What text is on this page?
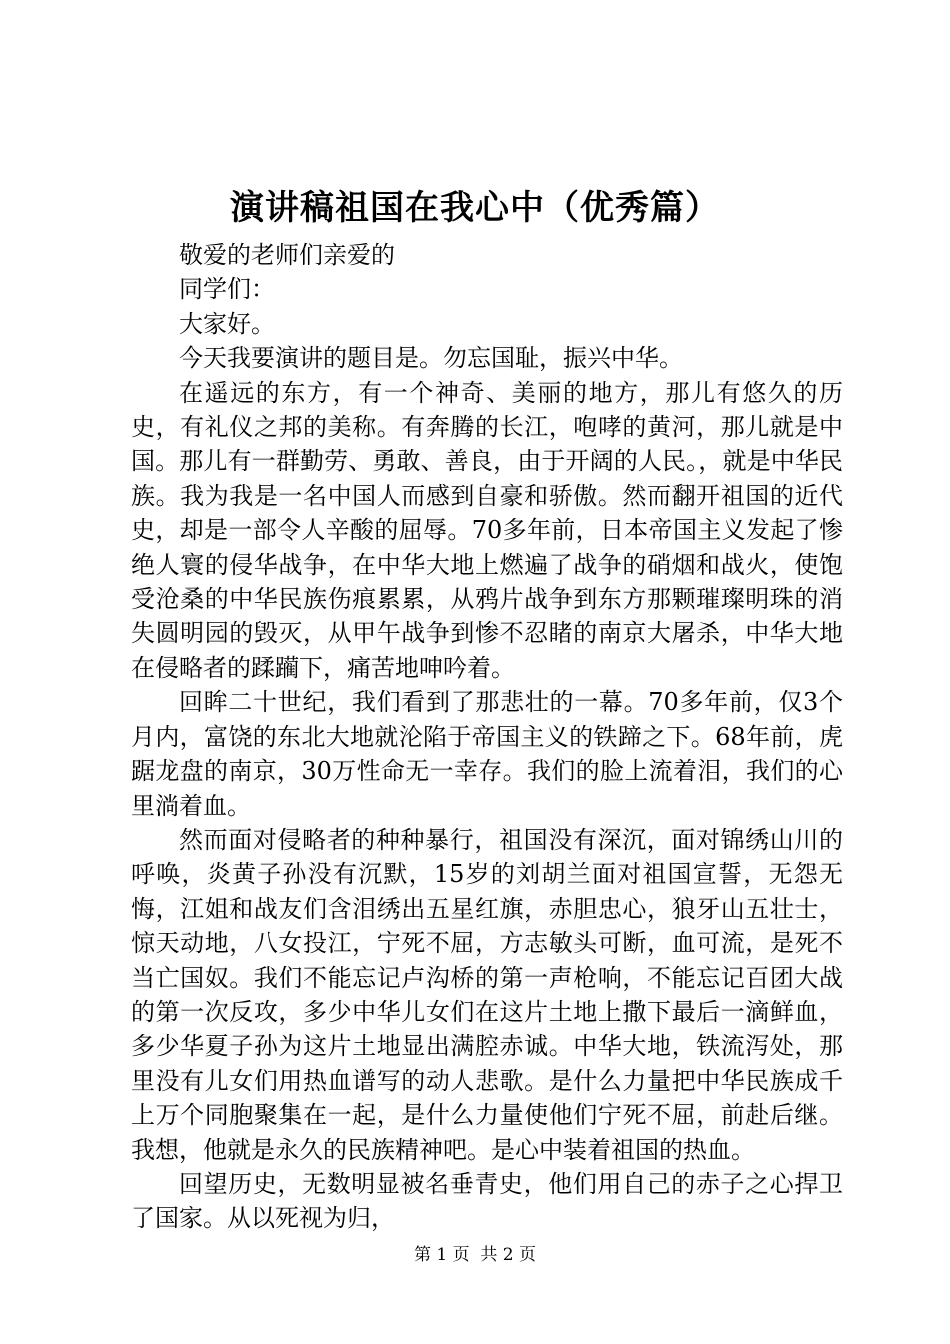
演讲稿祖国在我心中（优秀篇）

敬爱的老师们亲爱的

同学们：

大家好。

今天我要演讲的题目是。勿忘国耻，振兴中华。

在遥远的东方，有一个神奇、美丽的地方，那儿有悠久的历史，有礼仪之邦的美称。有奔腾的长江，咆哮的黄河，那儿就是中国。那儿有一群勤劳、勇敢、善良，由于开阔的人民。，就是中华民族。我为我是一名中国人而感到自豪和骄傲。然而翻开祖国的近代史，却是一部令人辛酸的屈辱。70多年前，日本帝国主义发起了惨绝人寰的侵华战争，在中华大地上燃遍了战争的硝烟和战火，使饱受沧桑的中华民族伤痕累累，从鸦片战争到东方那颗璀璨明珠的消失圆明园的毁灭，从甲午战争到惨不忍睹的南京大屠杀，中华大地在侵略者的蹂躏下，痛苦地呻吟着。

回眸二十世纪，我们看到了那悲壮的一幕。70多年前，仅3个月内，富饶的东北大地就沦陷于帝国主义的铁蹄之下。68年前，虎踞龙盘的南京，30万性命无一幸存。我们的脸上流着泪，我们的心里淌着血。

然而面对侵略者的种种暴行，祖国没有深沉，面对锦绣山川的呼唤，炎黄子孙没有沉默，15岁的刘胡兰面对祖国宣誓，无怨无悔，江姐和战友们含泪绣出五星红旗，赤胆忠心，狼牙山五壮士，惊天动地，八女投江，宁死不屈，方志敏头可断，血可流，是死不当亡国奴。我们不能忘记卢沟桥的第一声枪响，不能忘记百团大战的第一次反攻，多少中华儿女们在这片土地上撒下最后一滴鲜血，多少华夏子孙为这片土地显出满腔赤诚。中华大地，铁流泻处，那里没有儿女们用热血谱写的动人悲歌。是什么力量把中华民族成千上万个同胞聚集在一起，是什么力量使他们宁死不屈，前赴后继。我想，他就是永久的民族精神吧。是心中装着祖国的热血。

回望历史，无数明显被名垂青史，他们用自己的赤子之心捍卫了国家。从以死视为归，

第 1 页  共 2 页
